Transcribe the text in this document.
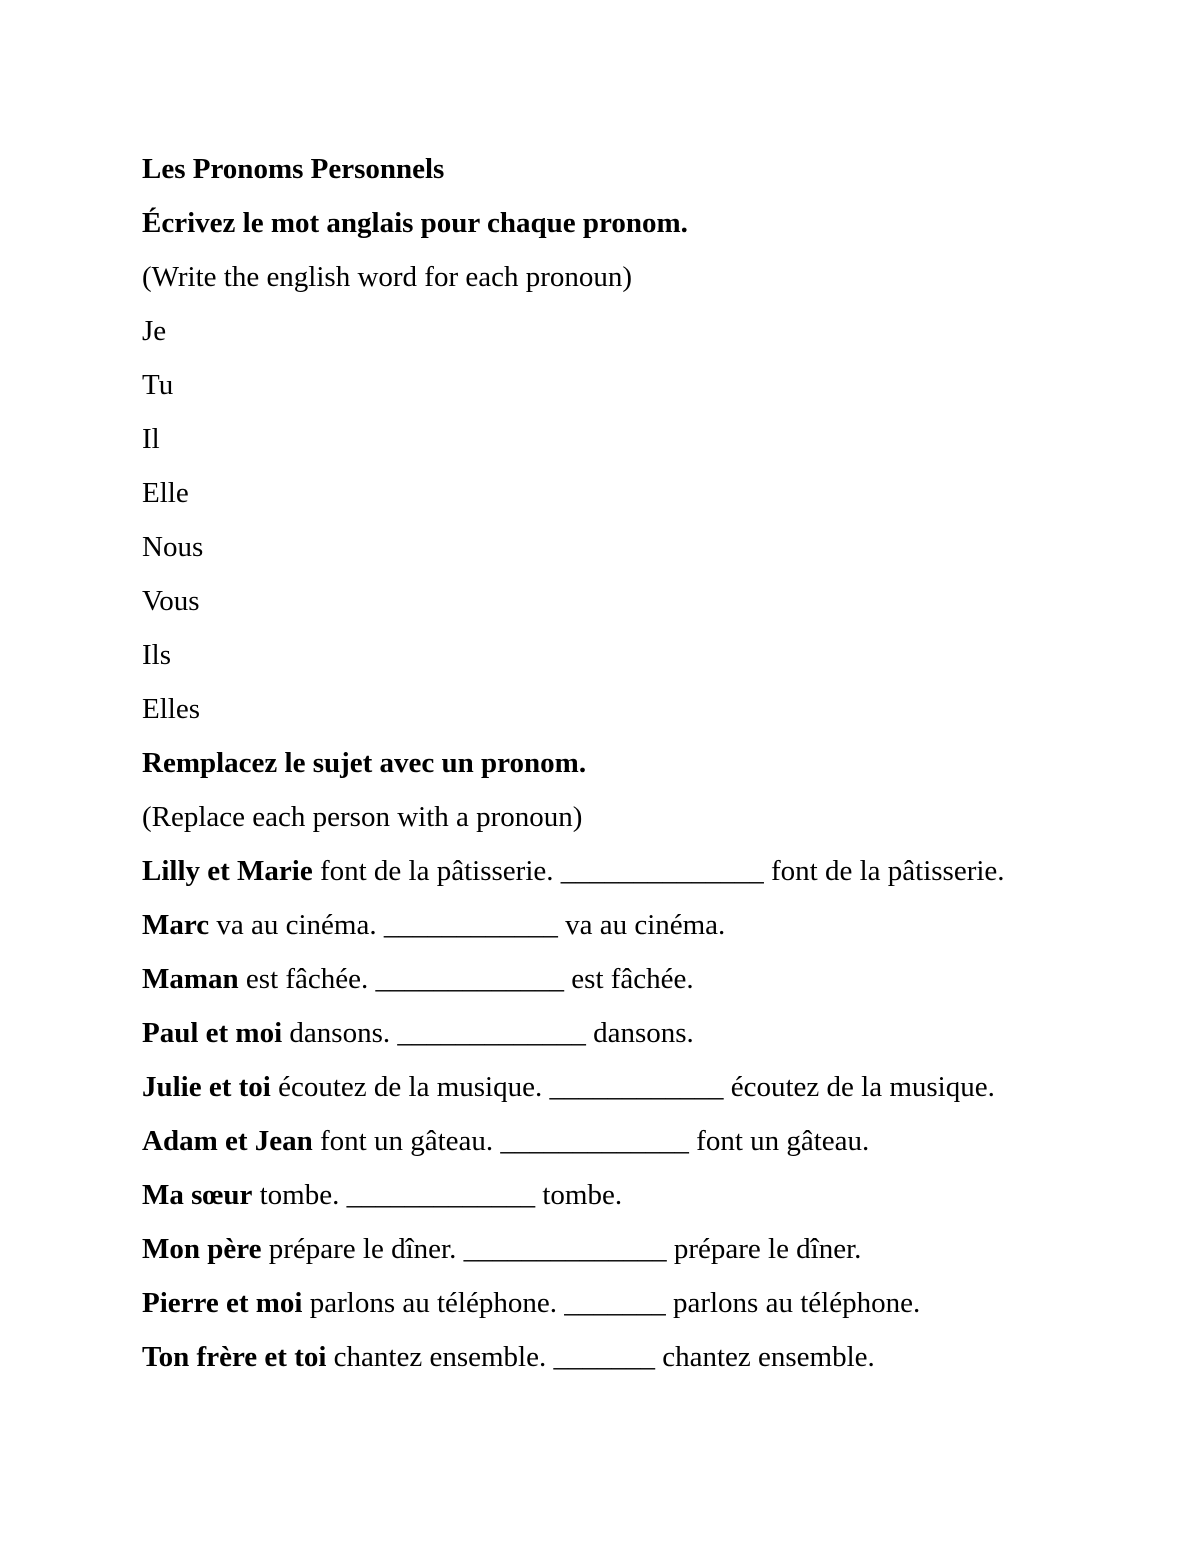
Les Pronoms Personnels
Écrivez le mot anglais pour chaque pronom.
(Write the english word for each pronoun)
Je
Tu
Il
Elle
Nous
Vous
Ils
Elles
Remplacez le sujet avec un pronom.
(Replace each person with a pronoun)
Lilly et Marie font de la pâtisserie. ______________ font de la pâtisserie.
Marc va au cinéma. ____________ va au cinéma.
Maman est fâchée. _____________ est fâchée.
Paul et moi dansons. _____________ dansons.
Julie et toi écoutez de la musique. ____________ écoutez de la musique.
Adam et Jean font un gâteau. _____________ font un gâteau.
Ma sœur tombe. _____________ tombe.
Mon père prépare le dîner. ______________ prépare le dîner.
Pierre et moi parlons au téléphone. _______ parlons au téléphone.
Ton frère et toi chantez ensemble. _______ chantez ensemble.
